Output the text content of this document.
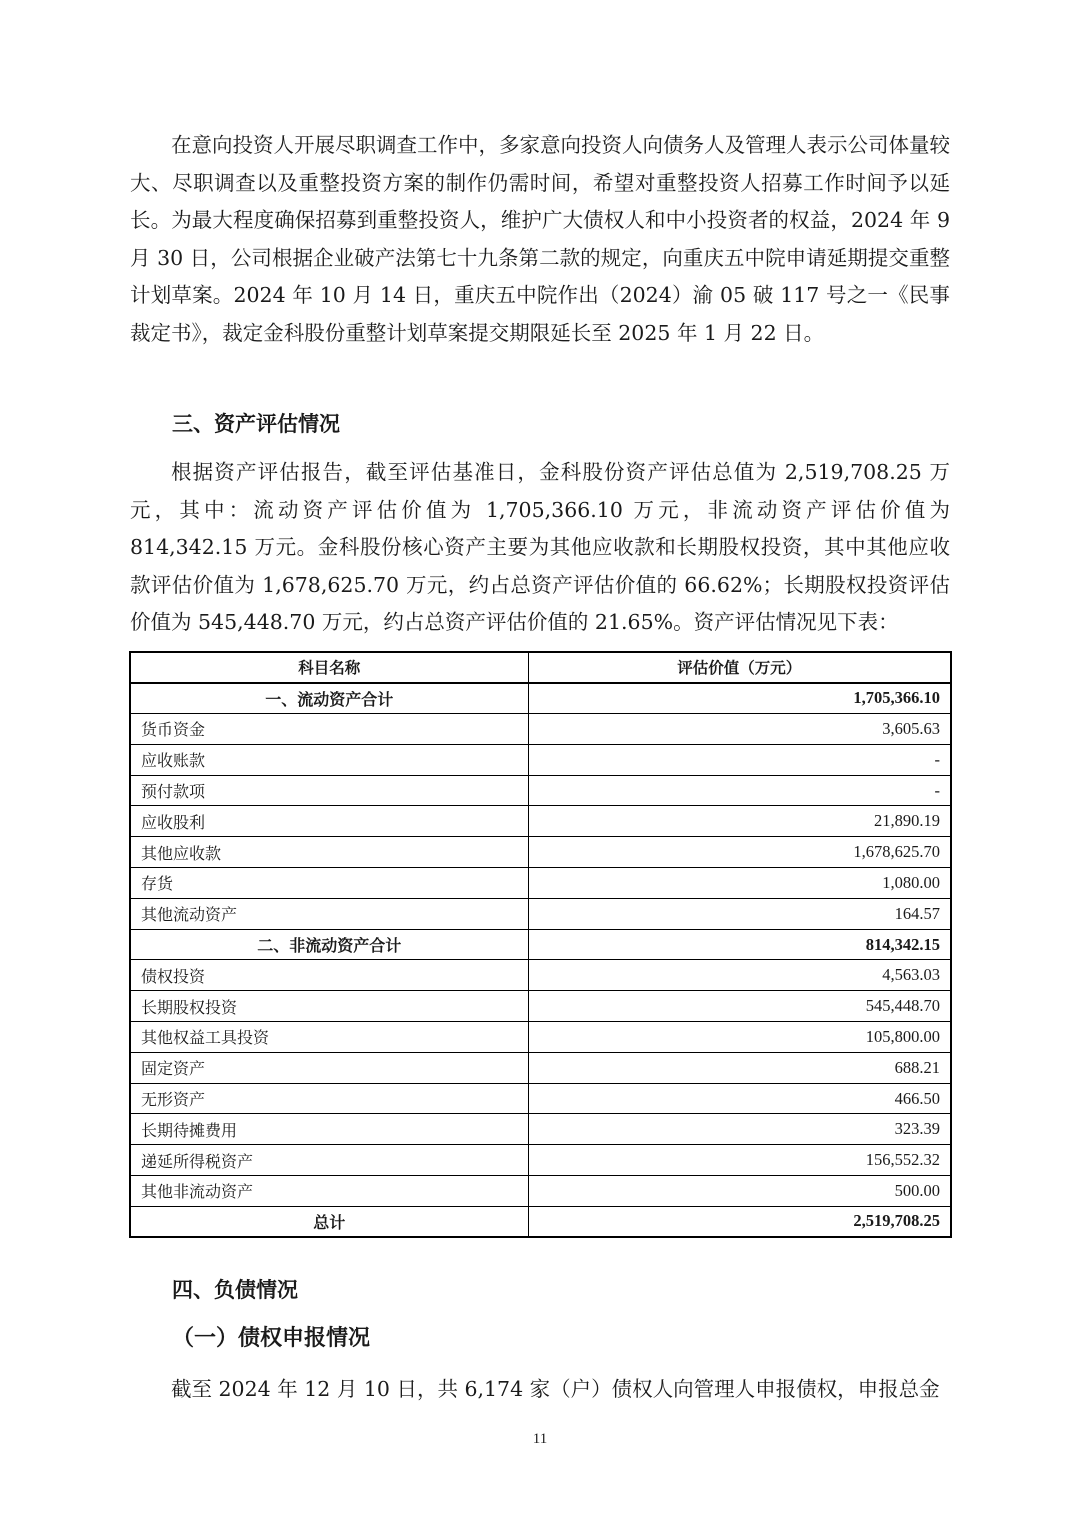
在意向投资人开展尽职调查工作中，多家意向投资人向债务人及管理人表示公司体量较大、尽职调查以及重整投资方案的制作仍需时间，希望对重整投资人招募工作时间予以延长。为最大程度确保招募到重整投资人，维护广大债权人和中小投资者的权益，2024 年 9 月 30 日，公司根据企业破产法第七十九条第二款的规定，向重庆五中院申请延期提交重整计划草案。2024 年 10 月 14 日，重庆五中院作出（2024）渝 05 破 117 号之一《民事裁定书》，裁定金科股份重整计划草案提交期限延长至 2025 年 1 月 22 日。

三、资产评估情况

根据资产评估报告，截至评估基准日，金科股份资产评估总值为 2,519,708.25 万元，其中：流动资产评估价值为 1,705,366.10 万元，非流动资产评估价值为 814,342.15 万元。金科股份核心资产主要为其他应收款和长期股权投资，其中其他应收款评估价值为 1,678,625.70 万元，约占总资产评估价值的 66.62%；长期股权投资评估价值为 545,448.70 万元，约占总资产评估价值的 21.65%。资产评估情况见下表：

科目名称	评估价值（万元）
一、流动资产合计	1,705,366.10
货币资金	3,605.63
应收账款	-
预付款项	-
应收股利	21,890.19
其他应收款	1,678,625.70
存货	1,080.00
其他流动资产	164.57
二、非流动资产合计	814,342.15
债权投资	4,563.03
长期股权投资	545,448.70
其他权益工具投资	105,800.00
固定资产	688.21
无形资产	466.50
长期待摊费用	323.39
递延所得税资产	156,552.32
其他非流动资产	500.00
总计	2,519,708.25
四、负债情况
（一）债权申报情况

截至 2024 年 12 月 10 日，共 6,174 家（户）债权人向管理人申报债权，申报总金

11
